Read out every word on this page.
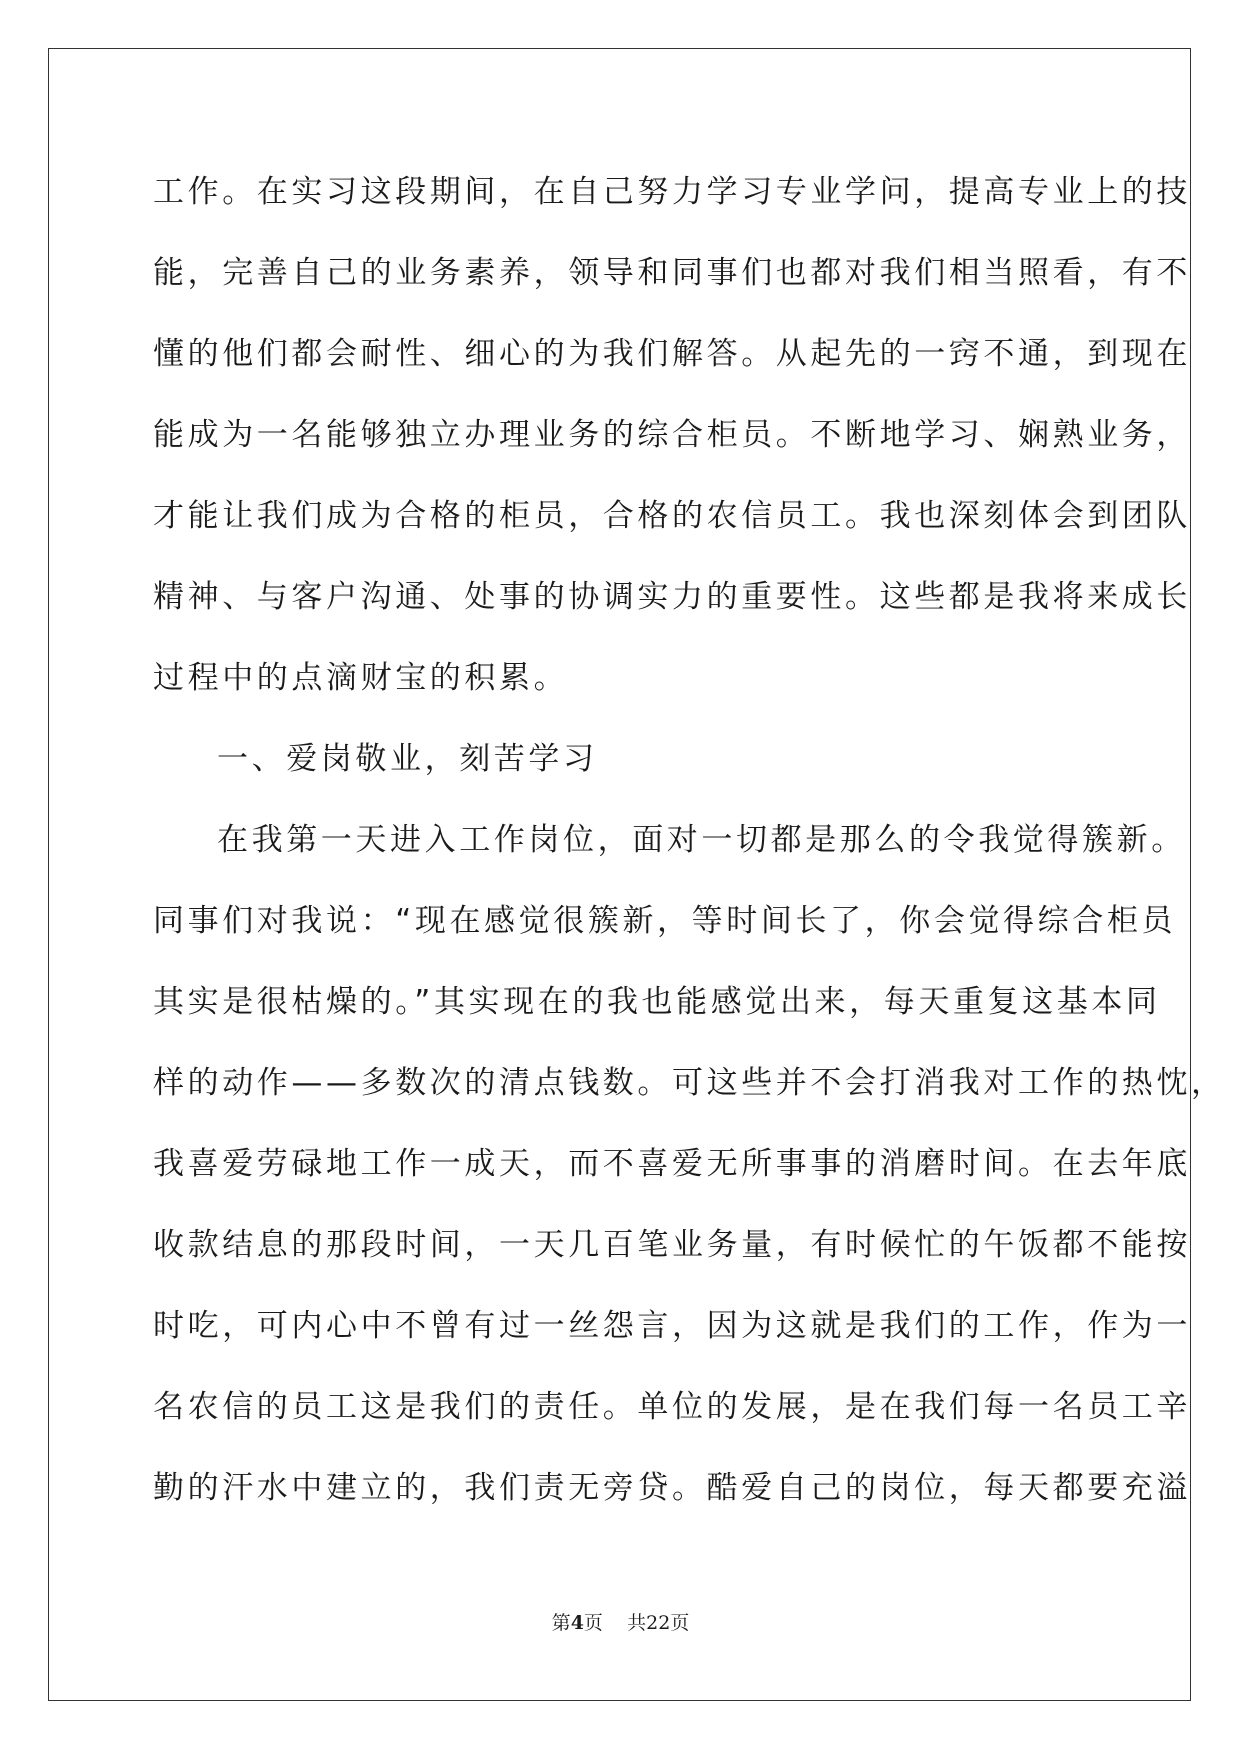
工作。在实习这段期间，在自己努力学习专业学问，提高专业上的技
能，完善自己的业务素养，领导和同事们也都对我们相当照看，有不
懂的他们都会耐性、细心的为我们解答。从起先的一窍不通，到现在
能成为一名能够独立办理业务的综合柜员。不断地学习、娴熟业务，
才能让我们成为合格的柜员，合格的农信员工。我也深刻体会到团队
精神、与客户沟通、处事的协调实力的重要性。这些都是我将来成长
过程中的点滴财宝的积累。
一、爱岗敬业，刻苦学习
在我第一天进入工作岗位，面对一切都是那么的令我觉得簇新。
同事们对我说：“现在感觉很簇新，等时间长了，你会觉得综合柜员
其实是很枯燥的。”其实现在的我也能感觉出来，每天重复这基本同
样的动作——多数次的清点钱数。可这些并不会打消我对工作的热忱，
我喜爱劳碌地工作一成天，而不喜爱无所事事的消磨时间。在去年底
收款结息的那段时间，一天几百笔业务量，有时候忙的午饭都不能按
时吃，可内心中不曾有过一丝怨言，因为这就是我们的工作，作为一
名农信的员工这是我们的责任。单位的发展，是在我们每一名员工辛
勤的汗水中建立的，我们责无旁贷。酷爱自己的岗位，每天都要充溢
第4页 共22页
